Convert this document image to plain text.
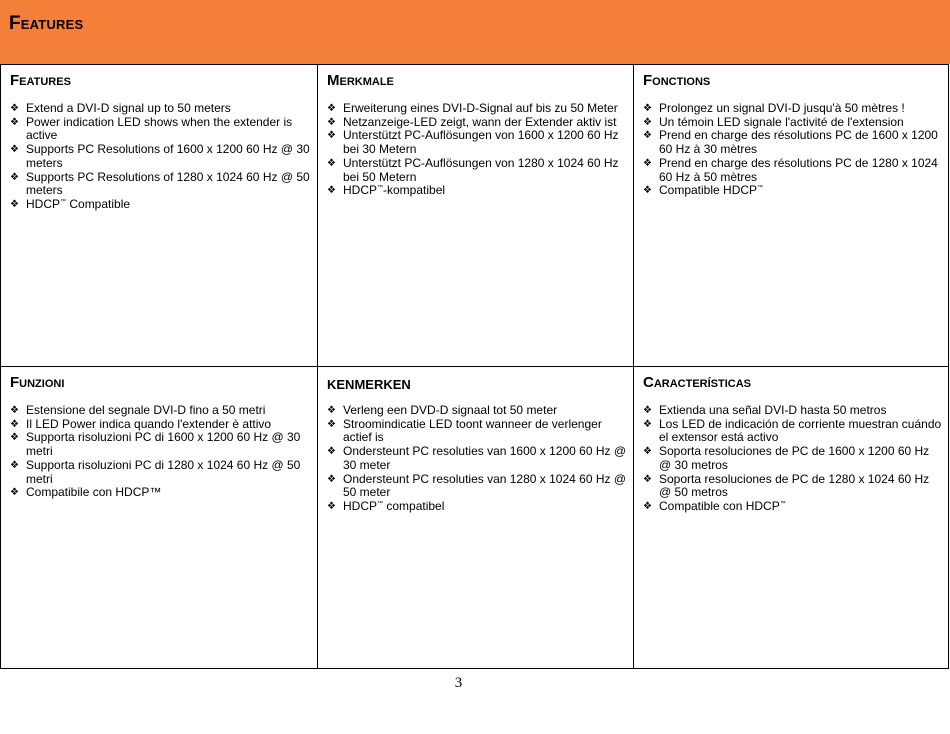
Features
Features
❖ Extend a DVI-D signal up to 50 meters
❖ Power indication LED shows when the extender is active
❖ Supports PC Resolutions of 1600 x 1200 60 Hz @ 30 meters
❖ Supports PC Resolutions of 1280 x 1024 60 Hz @ 50 meters
❖ HDCP™ Compatible
Merkmale
❖ Erweiterung eines DVI-D-Signal auf bis zu 50 Meter
❖ Netzanzeige-LED zeigt, wann der Extender aktiv ist
❖ Unterstützt PC-Auflösungen von 1600 x 1200 60 Hz bei 30 Metern
❖ Unterstützt PC-Auflösungen von 1280 x 1024 60 Hz bei 50 Metern
❖ HDCP™-kompatibel
Fonctions
❖ Prolongez un signal DVI-D jusqu'à 50 mètres !
❖ Un témoin LED signale l'activité de l'extension
❖ Prend en charge des résolutions PC de 1600 x 1200 60 Hz à 30 mètres
❖ Prend en charge des résolutions PC de 1280 x 1024 60 Hz à 50 mètres
❖ Compatible HDCP™
Funzioni
❖ Estensione del segnale DVI-D fino a 50 metri
❖ Il LED Power indica quando l'extender è attivo
❖ Supporta risoluzioni PC di 1600 x 1200 60 Hz @ 30 metri
❖ Supporta risoluzioni PC di 1280 x 1024 60 Hz @ 50 metri
❖ Compatibile con HDCP™
KENMERKEN
❖ Verleng een DVD-D signaal tot 50 meter
❖ Stroomindicatie LED toont wanneer de verlenger actief is
❖ Ondersteunt PC resoluties van 1600 x 1200 60 Hz @ 30 meter
❖ Ondersteunt PC resoluties van 1280 x 1024 60 Hz @ 50 meter
❖ HDCP™ compatibel
Características
❖ Extienda una señal DVI-D hasta 50 metros
❖ Los LED de indicación de corriente muestran cuándo el extensor está activo
❖ Soporta resoluciones de PC de 1600 x 1200 60 Hz @ 30 metros
❖ Soporta resoluciones de PC de 1280 x 1024 60 Hz @ 50 metros
❖ Compatible con HDCP™
3
